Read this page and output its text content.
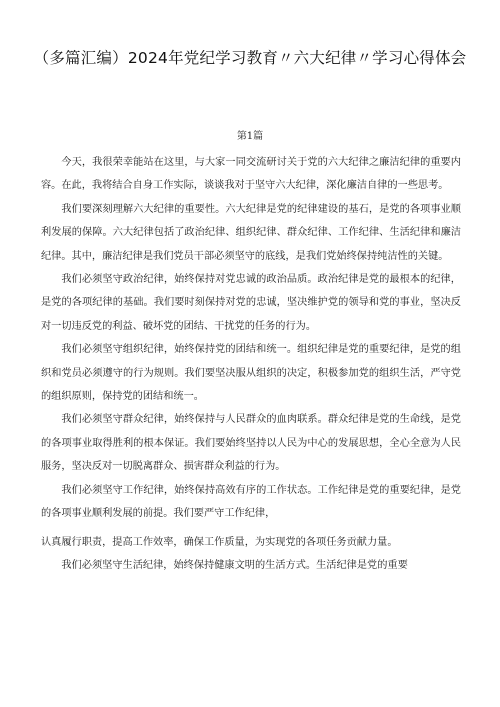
（多篇汇编）2024年党纪学习教育〃六大纪律〃学习心得体会
第1篇

今天，我很荣幸能站在这里，与大家一同交流研讨关于党的六大纪律之廉洁纪律的重要内容。在此，我将结合自身工作实际，谈谈我对于坚守六大纪律，深化廉洁自律的一些思考。

我们要深刻理解六大纪律的重要性。六大纪律是党的纪律建设的基石，是党的各项事业顺利发展的保障。六大纪律包括了政治纪律、组织纪律、群众纪律、工作纪律、生活纪律和廉洁纪律。其中，廉洁纪律是我们党员干部必须坚守的底线，是我们党始终保持纯洁性的关键。

我们必须坚守政治纪律，始终保持对党忠诚的政治品质。政治纪律是党的最根本的纪律，是党的各项纪律的基础。我们要时刻保持对党的忠诚，坚决维护党的领导和党的事业，坚决反对一切违反党的利益、破坏党的团结、干扰党的任务的行为。

我们必须坚守组织纪律，始终保持党的团结和统一。组织纪律是党的重要纪律，是党的组织和党员必须遵守的行为规则。我们要坚决服从组织的决定，积极参加党的组织生活，严守党的组织原则，保持党的团结和统一。

我们必须坚守群众纪律，始终保持与人民群众的血肉联系。群众纪律是党的生命线，是党的各项事业取得胜利的根本保证。我们要始终坚持以人民为中心的发展思想，全心全意为人民服务，坚决反对一切脱离群众、损害群众利益的行为。

我们必须坚守工作纪律，始终保持高效有序的工作状态。工作纪律是党的重要纪律，是党的各项事业顺利发展的前提。我们要严守工作纪律，

认真履行职责，提高工作效率，确保工作质量，为实现党的各项任务贡献力量。

我们必须坚守生活纪律，始终保持健康文明的生活方式。生活纪律是党的重要
